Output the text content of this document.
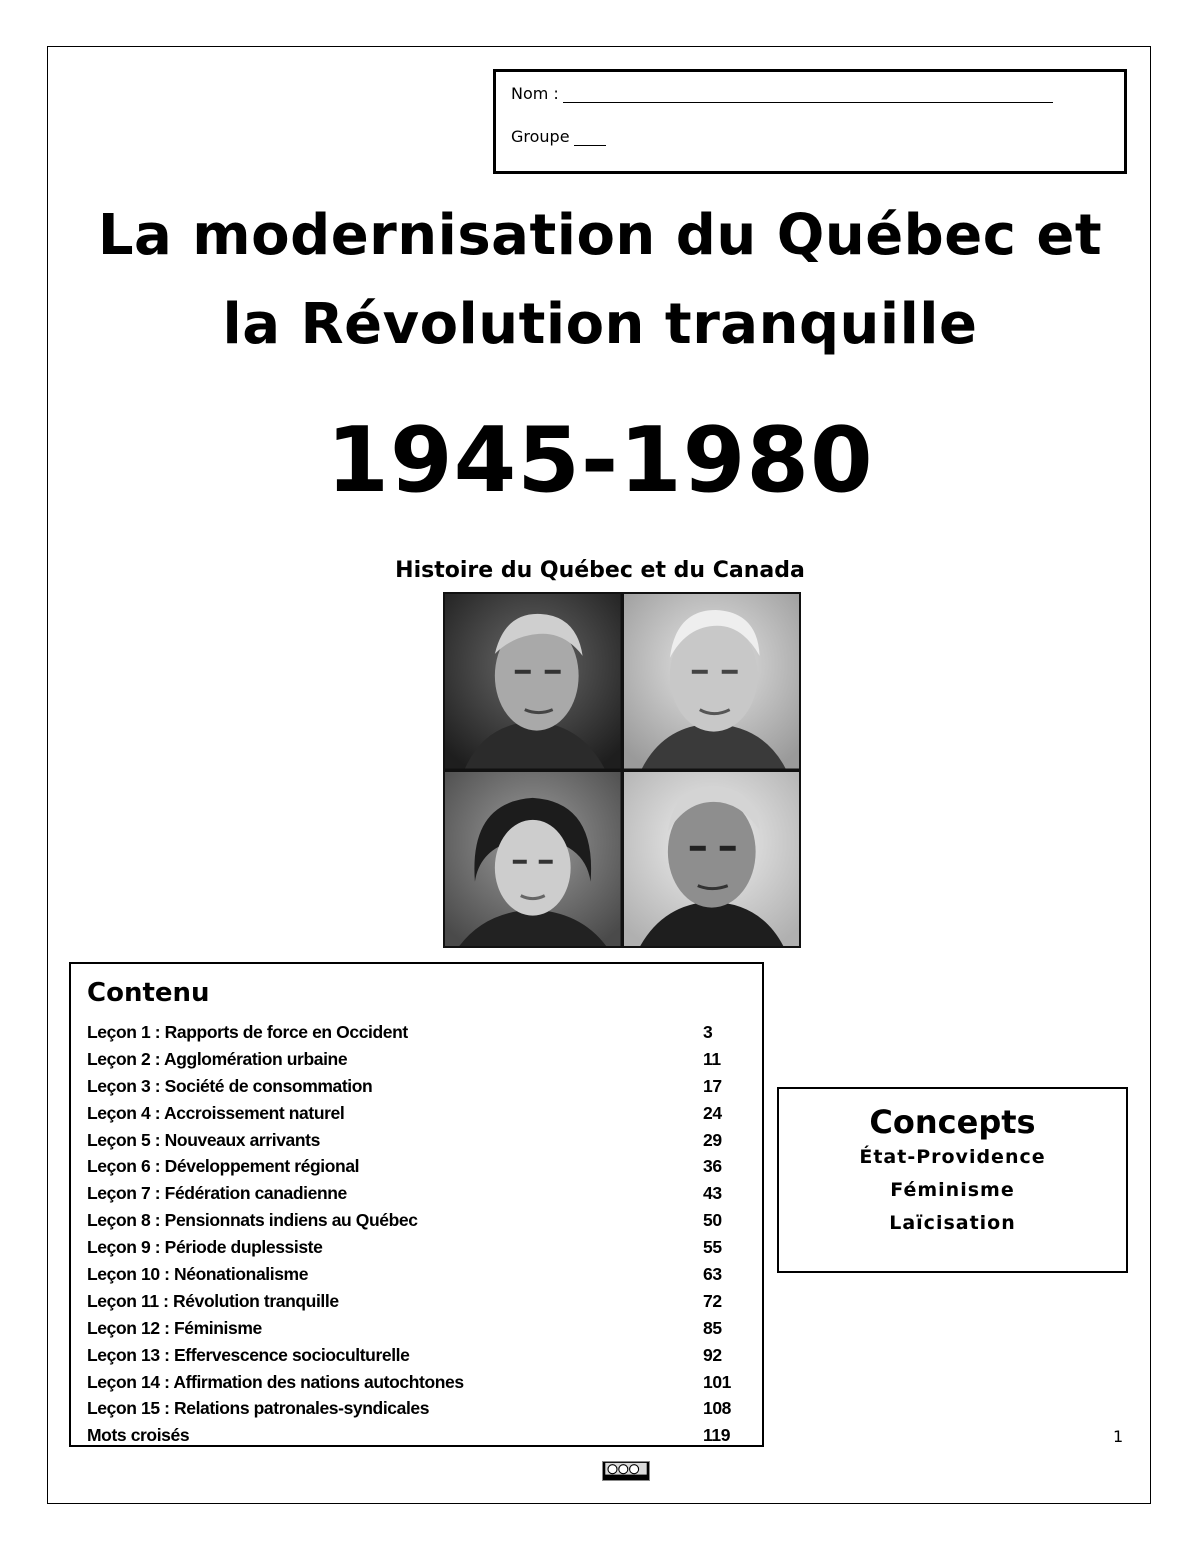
Nom :
Groupe
La modernisation du Québec et
la Révolution tranquille
1945-1980
Histoire du Québec et du Canada
Contenu
Leçon 1 : Rapports de force en Occident	3
Leçon 2 : Agglomération urbaine	11
Leçon 3 : Société de consommation	17
Leçon 4 : Accroissement naturel	24
Leçon 5 : Nouveaux arrivants	29
Leçon 6 : Développement régional	36
Leçon 7 : Fédération canadienne	43
Leçon 8 : Pensionnats indiens au Québec	50
Leçon 9 : Période duplessiste	55
Leçon 10 : Néonationalisme	63
Leçon 11 : Révolution tranquille	72
Leçon 12 : Féminisme	85
Leçon 13 : Effervescence socioculturelle	92
Leçon 14 : Affirmation des nations autochtones	101
Leçon 15 : Relations patronales-syndicales	108
Mots croisés	119
Concepts
État-Providence
Féminisme
Laïcisation
1
